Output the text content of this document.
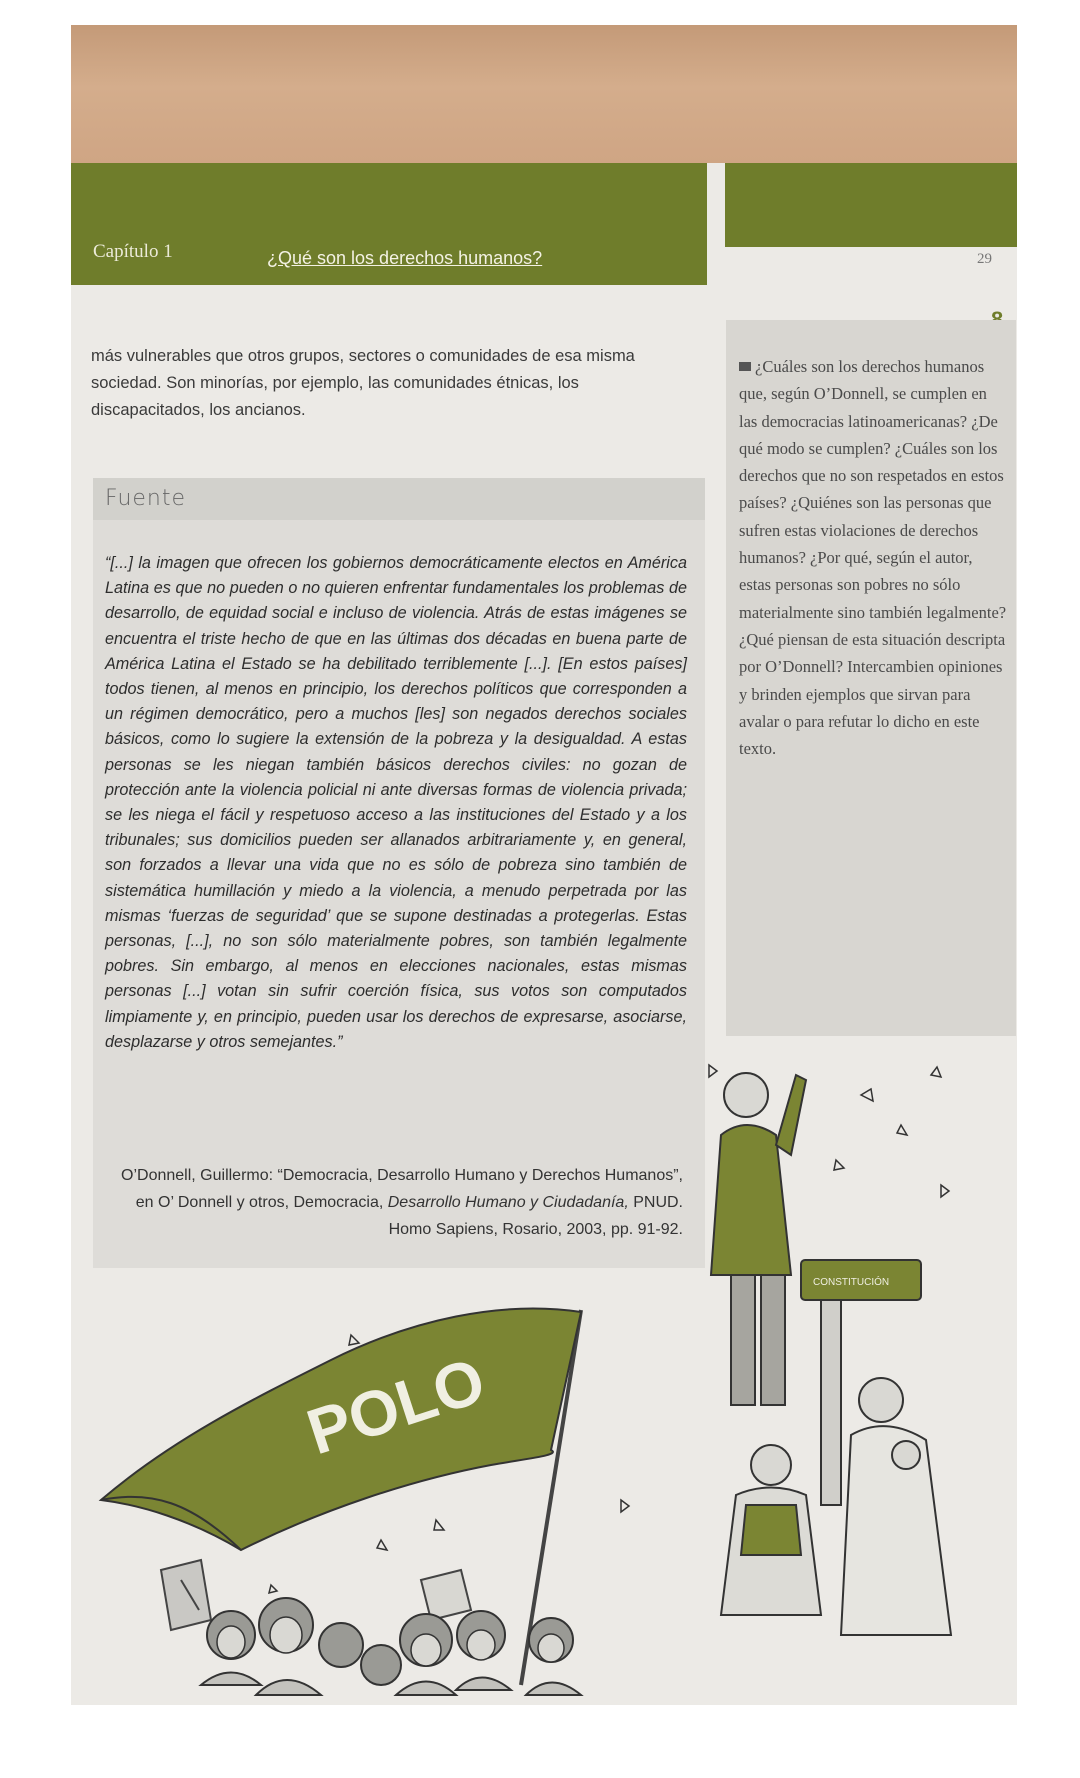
Capítulo 1	¿Qué son los derechos humanos?	29

más vulnerables que otros grupos, sectores o comunidades de esa misma sociedad. Son minorías, por ejemplo, las comunidades étnicas, los discapacitados, los ancianos.

Fuente

“[...] la imagen que ofrecen los gobiernos democráticamente electos en América Latina es que no pueden o no quieren enfrentar fundamentales los problemas de desarrollo, de equidad social e incluso de violencia. Atrás de estas imágenes se encuentra el triste hecho de que en las últimas dos décadas en buena parte de América Latina el Estado se ha debilitado terriblemente [...]. [En estos países] todos tienen, al menos en principio, los derechos políticos que corresponden a un régimen democrático, pero a muchos [les] son negados derechos sociales básicos, como lo sugiere la extensión de la pobreza y la desigualdad. A estas personas se les niegan también básicos derechos civiles: no gozan de protección ante la violencia policial ni ante diversas formas de violencia privada; se les niega el fácil y respetuoso acceso a las instituciones del Estado y a los tribunales; sus domicilios pueden ser allanados arbitrariamente y, en general, son forzados a llevar una vida que no es sólo de pobreza sino también de sistemática humillación y miedo a la violencia, a menudo perpetrada por las mismas ‘fuerzas de seguridad’ que se supone destinadas a protegerlas. Estas personas, [...], no son sólo materialmente pobres, son también legalmente pobres. Sin embargo, al menos en elecciones nacionales, estas mismas personas [...] votan sin sufrir coerción física, sus votos son computados limpiamente y, en principio, pueden usar los derechos de expresarse, asociarse, desplazarse y otros semejantes.”

O’Donnell, Guillermo: “Democracia, Desarrollo Humano y Derechos Humanos”, en O’ Donnell y otros, Democracia, Desarrollo Humano y Ciudadanía, PNUD. Homo Sapiens, Rosario, 2003, pp. 91-92.

¿Cuáles son los derechos humanos que, según O’Donnell, se cumplen en las democracias latinoamericanas? ¿De qué modo se cumplen? ¿Cuáles son los derechos que no son respetados en estos países? ¿Quiénes son las personas que sufren estas violaciones de derechos humanos? ¿Por qué, según el autor, estas personas son pobres no sólo materialmente sino también legalmente? ¿Qué piensan de esta situación descripta por O’Donnell? Intercambien opiniones y brinden ejemplos que sirvan para avalar o para refutar lo dicho en este texto.

POLO
CONSTITUCIÓN
